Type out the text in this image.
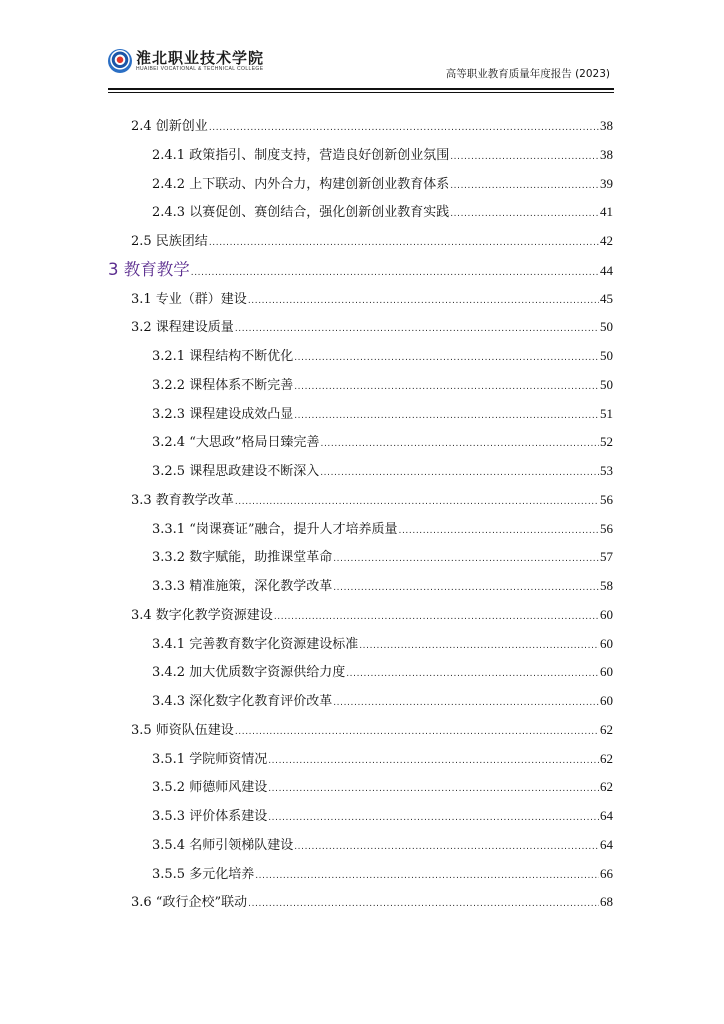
淮北职业技术学院
HUAIBEI VOCATIONAL & TECHNICAL COLLEGE	高等职业教育质量年度报告 (2023)
2.4 创新创业 .....	38
2.4.1 政策指引、制度支持，营造良好创新创业氛围 .....	38
2.4.2 上下联动、内外合力，构建创新创业教育体系 .....	39
2.4.3 以赛促创、赛创结合，强化创新创业教育实践 .....	41
2.5 民族团结 .....	42
3 教育教学 .....	44
3.1 专业（群）建设 .....	45
3.2 课程建设质量 .....	50
3.2.1 课程结构不断优化 .....	50
3.2.2 课程体系不断完善 .....	50
3.2.3 课程建设成效凸显 .....	51
3.2.4 “大思政”格局日臻完善 .....	52
3.2.5 课程思政建设不断深入 .....	53
3.3 教育教学改革 .....	56
3.3.1 “岗课赛证”融合，提升人才培养质量 .....	56
3.3.2 数字赋能，助推课堂革命 .....	57
3.3.3 精准施策，深化教学改革 .....	58
3.4 数字化教学资源建设 .....	60
3.4.1 完善教育数字化资源建设标准 .....	60
3.4.2 加大优质数字资源供给力度 .....	60
3.4.3 深化数字化教育评价改革 .....	60
3.5 师资队伍建设 .....	62
3.5.1 学院师资情况 .....	62
3.5.2 师德师风建设 .....	62
3.5.3 评价体系建设 .....	64
3.5.4 名师引领梯队建设 .....	64
3.5.5 多元化培养 .....	66
3.6 “政行企校”联动 .....	68
